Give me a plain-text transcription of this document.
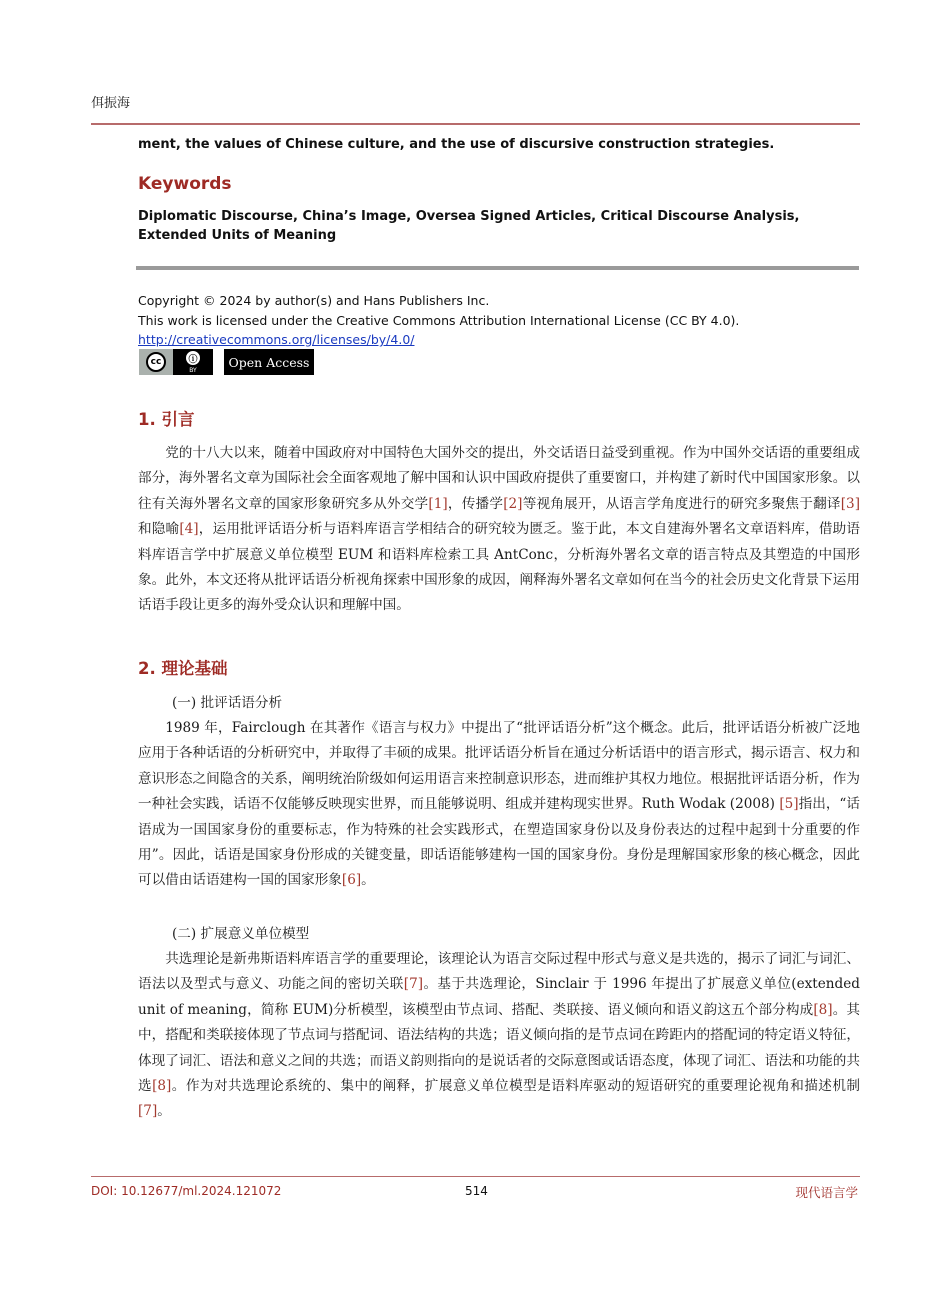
佴振海
ment, the values of Chinese culture, and the use of discursive construction strategies.
Keywords
Diplomatic Discourse, China’s Image, Oversea Signed Articles, Critical Discourse Analysis,
Extended Units of Meaning
Copyright © 2024 by author(s) and Hans Publishers Inc.
This work is licensed under the Creative Commons Attribution International License (CC BY 4.0).
http://creativecommons.org/licenses/by/4.0/
cc	ⓘ
BY
Open Access
1. 引言
党的十八大以来，随着中国政府对中国特色大国外交的提出，外交话语日益受到重视。作为中国外交话语的重要组成部分，海外署名文章为国际社会全面客观地了解中国和认识中国政府提供了重要窗口，并构建了新时代中国国家形象。以往有关海外署名文章的国家形象研究多从外交学[1]，传播学[2]等视角展开，从语言学角度进行的研究多聚焦于翻译[3]和隐喻[4]，运用批评话语分析与语料库语言学相结合的研究较为匮乏。鉴于此，本文自建海外署名文章语料库，借助语料库语言学中扩展意义单位模型 EUM 和语料库检索工具 AntConc，分析海外署名文章的语言特点及其塑造的中国形象。此外，本文还将从批评话语分析视角探索中国形象的成因，阐释海外署名文章如何在当今的社会历史文化背景下运用话语手段让更多的海外受众认识和理解中国。
2. 理论基础
(一) 批评话语分析
1989 年，Fairclough 在其著作《语言与权力》中提出了“批评话语分析”这个概念。此后，批评话语分析被广泛地应用于各种话语的分析研究中，并取得了丰硕的成果。批评话语分析旨在通过分析话语中的语言形式，揭示语言、权力和意识形态之间隐含的关系，阐明统治阶级如何运用语言来控制意识形态，进而维护其权力地位。根据批评话语分析，作为一种社会实践，话语不仅能够反映现实世界，而且能够说明、组成并建构现实世界。Ruth Wodak (2008) [5]指出，“话语成为一国国家身份的重要标志，作为特殊的社会实践形式，在塑造国家身份以及身份表达的过程中起到十分重要的作用”。因此，话语是国家身份形成的关键变量，即话语能够建构一国的国家身份。身份是理解国家形象的核心概念，因此可以借由话语建构一国的国家形象[6]。
(二) 扩展意义单位模型
共选理论是新弗斯语料库语言学的重要理论，该理论认为语言交际过程中形式与意义是共选的，揭示了词汇与词汇、语法以及型式与意义、功能之间的密切关联[7]。基于共选理论，Sinclair 于 1996 年提出了扩展意义单位(extended unit of meaning，简称 EUM)分析模型，该模型由节点词、搭配、类联接、语义倾向和语义韵这五个部分构成[8]。其中，搭配和类联接体现了节点词与搭配词、语法结构的共选；语义倾向指的是节点词在跨距内的搭配词的特定语义特征，体现了词汇、语法和意义之间的共选；而语义韵则指向的是说话者的交际意图或话语态度，体现了词汇、语法和功能的共选[8]。作为对共选理论系统的、集中的阐释，扩展意义单位模型是语料库驱动的短语研究的重要理论视角和描述机制[7]。
DOI: 10.12677/ml.2024.121072	514	现代语言学
